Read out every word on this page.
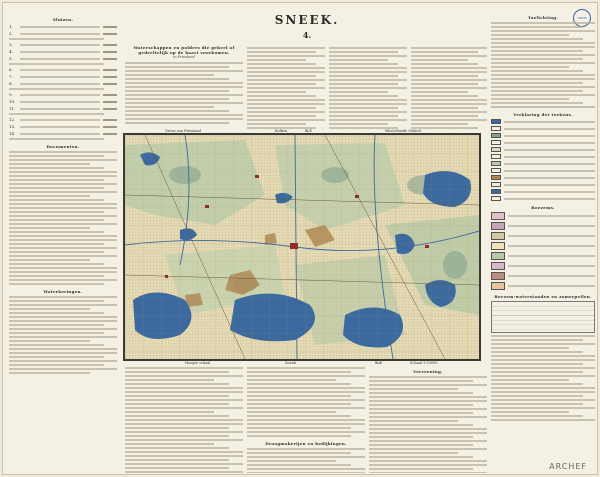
ARCH
SNEEK.
4.
Sluizen.
1.
2.
3.
4.
5.
6.
7.
8.
9.
10.
11.
12.
13.
14.
Documenten.
Waterkeringen.
Waterschappen en polders die geheel of gedeeltelijk op de kaart voorkomen.
in Friesland
Toelichting.
Verklaring der teekens.
Boezems.
Boezem-waterstanden en zomerpeilen.
Grens van Friesland	Kolken	Westerheide Gebied
Hoogte schaal	Sneek	Schaal 1:50000
N.5
N.6
Droogmakerijen en bedijkingen.
Verveening.
ARCHEF
